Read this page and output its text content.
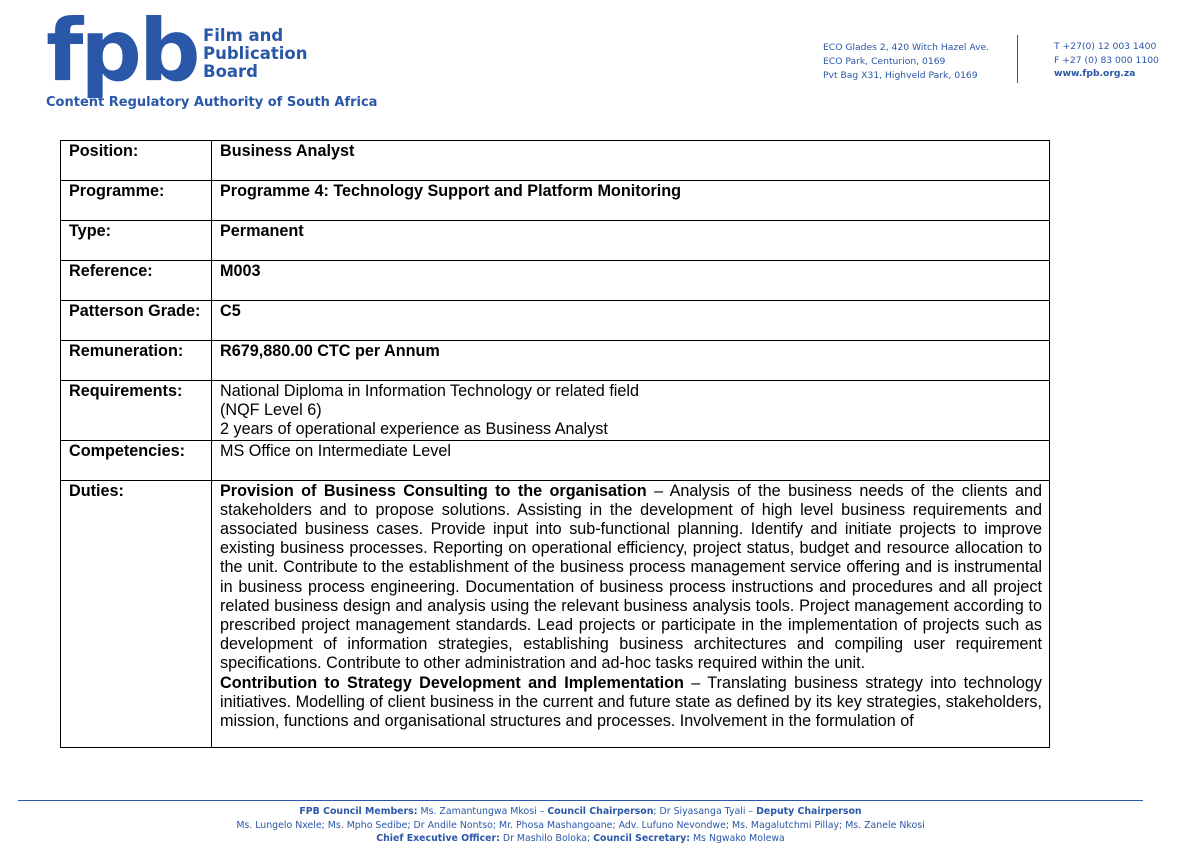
fpb Film and
Publication
Board
Content Regulatory Authority of South Africa
ECO Glades 2, 420 Witch Hazel Ave.
ECO Park, Centurion, 0169
Pvt Bag X31, Highveld Park, 0169
T +27(0) 12 003 1400
F +27 (0) 83 000 1100
www.fpb.org.za
Position:	Business Analyst
Programme:	Programme 4: Technology Support and Platform Monitoring
Type:	Permanent
Reference:	M003
Patterson Grade:	C5
Remuneration:	R679,880.00 CTC per Annum
Requirements:	National Diploma in Information Technology or related field
(NQF Level 6)
2 years of operational experience as Business Analyst

Competencies:	MS Office on Intermediate Level
Duties:	Provision of Business Consulting to the organisation – Analysis of the business needs of the clients and stakeholders and to propose solutions. Assisting in the development of high level business requirements and associated business cases. Provide input into sub-functional planning. Identify and initiate projects to improve existing business processes. Reporting on operational efficiency, project status, budget and resource allocation to the unit. Contribute to the establishment of the business process management service offering and is instrumental in business process engineering. Documentation of business process instructions and procedures and all project related business design and analysis using the relevant business analysis tools. Project management according to prescribed project management standards. Lead projects or participate in the implementation of projects such as development of information strategies, establishing business architectures and compiling user requirement specifications. Contribute to other administration and ad-hoc tasks required within the unit.

Contribution to Strategy Development and Implementation – Translating business strategy into technology initiatives. Modelling of client business in the current and future state as defined by its key strategies, stakeholders, mission, functions and organisational structures and processes. Involvement in the formulation of

FPB Council Members: Ms. Zamantungwa Mkosi – Council Chairperson; Dr Siyasanga Tyali – Deputy Chairperson
Ms. Lungelo Nxele; Ms. Mpho Sedibe; Dr Andile Nontso; Mr. Phosa Mashangoane; Adv. Lufuno Nevondwe; Ms. Magalutchmi Pillay; Ms. Zanele Nkosi
Chief Executive Officer: Dr Mashilo Boloka; Council Secretary: Ms Ngwako Molewa
